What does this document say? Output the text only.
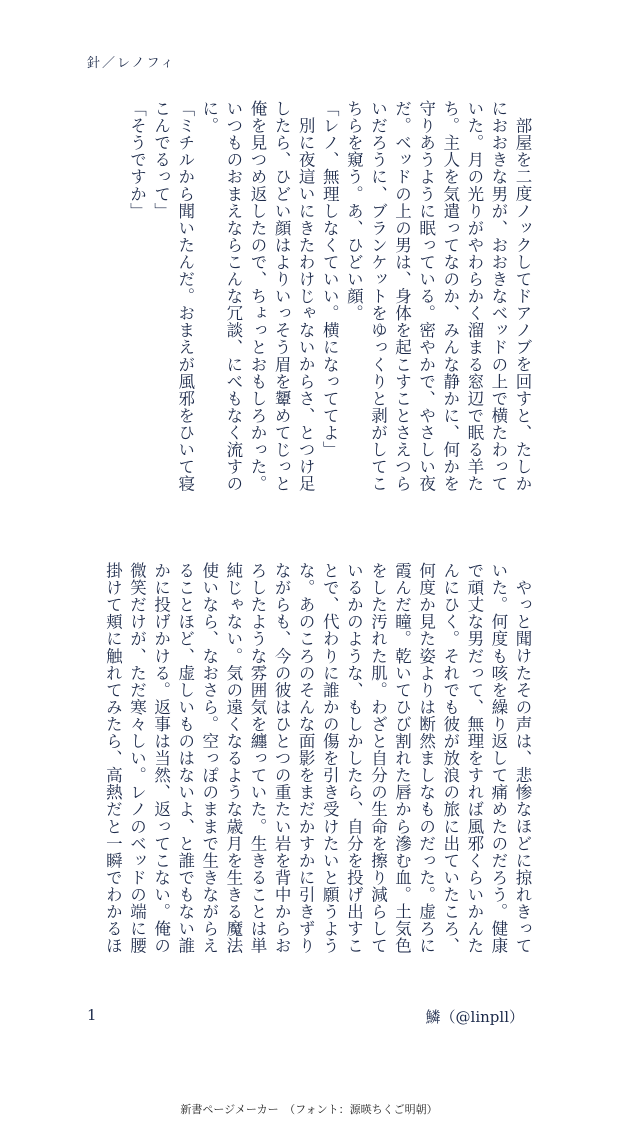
針／レノフィ
部屋を二度ノックしてドアノブを回すと、たしか
におおきな男が、おおきなベッドの上で横たわって
いた。月の光りがやわらかく溜まる窓辺で眠る羊た
ち。主人を気遣ってなのか、みんな静かに、何かを
守りあうように眠っている。密やかで、やさしい夜
だ。ベッドの上の男は、身体を起こすことさえつら
いだろうに、ブランケットをゆっくりと剥がしてこ
ちらを窺う。あ、ひどい顔。
「レノ、無理しなくていい。横になっててよ」
別に夜這いにきたわけじゃないからさ、とつけ足
したら、ひどい顔はよりいっそう眉を顰めてじっと
俺を見つめ返したので、ちょっとおもしろかった。
いつものおまえならこんな冗談、にべもなく流すの
に。
「ミチルから聞いたんだ。おまえが風邪をひいて寝
こんでるって」
「そうですか」
やっと聞けたその声は、悲惨なほどに掠れきって
いた。何度も咳を繰り返して痛めたのだろう。健康
で頑丈な男だって、無理をすれば風邪くらいかんた
んにひく。それでも彼が放浪の旅に出ていたころ、
何度か見た姿よりは断然ましなものだった。虚ろに
霞んだ瞳。乾いてひび割れた唇から滲む血。土気色
をした汚れた肌。わざと自分の生命を擦り減らして
いるかのような、もしかしたら、自分を投げ出すこ
とで、代わりに誰かの傷を引き受けたいと願うよう
な。あのころのそんな面影をまだかすかに引きずり
ながらも、今の彼はひとつの重たい岩を背中からお
ろしたような雰囲気を纏っていた。生きることは単
純じゃない。気の遠くなるような歳月を生きる魔法
使いなら、なおさら。空っぽのままで生きながらえ
ることほど、虚しいものはないよ、と誰でもない誰
かに投げかける。返事は当然、返ってこない。俺の
微笑だけが、ただ寒々しい。レノのベッドの端に腰
掛けて頬に触れてみたら、高熱だと一瞬でわかるほ
1	鱗（@linpll）
新書ページメーカー　（フォント：源暎ちくご明朝）
